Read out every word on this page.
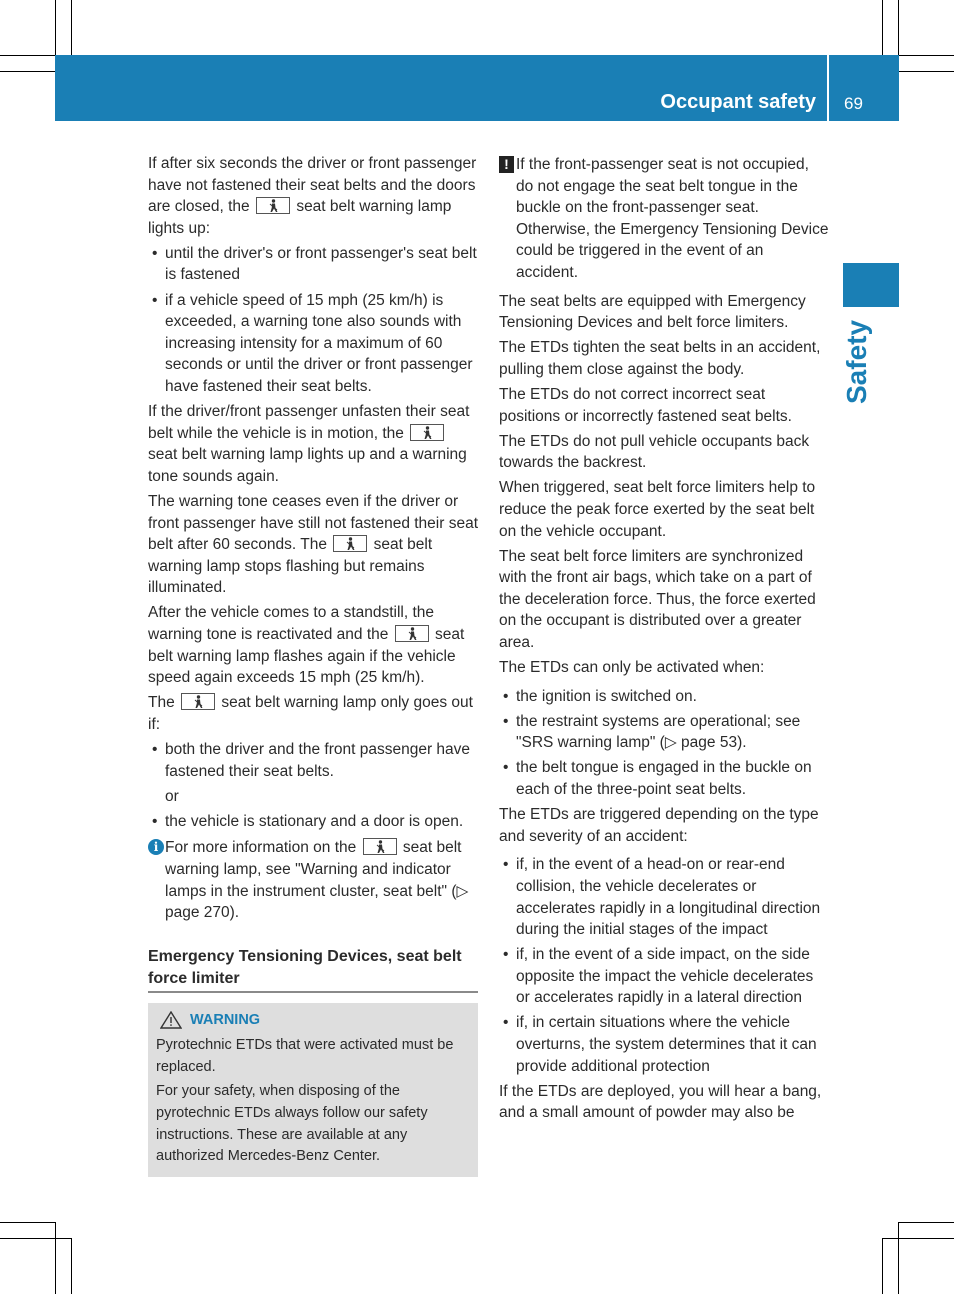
Occupant safety 69
Safety

If after six seconds the driver or front passenger have not fastened their seat belts and the doors are closed, the	seat belt warning lamp lights up:

• until the driver's or front passenger's seat belt is fastened
• if a vehicle speed of 15 mph (25 km/h) is exceeded, a warning tone also sounds with increasing intensity for a maximum of 60 seconds or until the driver or front passenger have fastened their seat belts.

If the driver/front passenger unfasten their seat belt while the vehicle is in motion, the
seat belt warning lamp lights up and a warning tone sounds again.

The warning tone ceases even if the driver or front passenger have still not fastened their seat belt after 60 seconds. The	seat belt warning lamp stops flashing but remains illuminated.

After the vehicle comes to a standstill, the warning tone is reactivated and the	seat belt warning lamp flashes again if the vehicle speed again exceeds 15 mph (25 km/h).

The	seat belt warning lamp only goes out if:

• both the driver and the front passenger have fastened their seat belts.
or
• the vehicle is stationary and a door is open.
i For more information on the	seat belt warning lamp, see "Warning and indicator lamps in the instrument cluster, seat belt" (▷ page 270).
Emergency Tensioning Devices, seat belt force limiter
WARNING

Pyrotechnic ETDs that were activated must be replaced.

For your safety, when disposing of the pyrotechnic ETDs always follow our safety instructions. These are available at any authorized Mercedes-Benz Center.

! If the front-passenger seat is not occupied, do not engage the seat belt tongue in the buckle on the front-passenger seat. Otherwise, the Emergency Tensioning Device could be triggered in the event of an accident.

The seat belts are equipped with Emergency Tensioning Devices and belt force limiters.

The ETDs tighten the seat belts in an accident, pulling them close against the body.

The ETDs do not correct incorrect seat positions or incorrectly fastened seat belts.

The ETDs do not pull vehicle occupants back towards the backrest.

When triggered, seat belt force limiters help to reduce the peak force exerted by the seat belt on the vehicle occupant.

The seat belt force limiters are synchronized with the front air bags, which take on a part of the deceleration force. Thus, the force exerted on the occupant is distributed over a greater area.

The ETDs can only be activated when:

• the ignition is switched on.
• the restraint systems are operational; see "SRS warning lamp" (▷ page 53).
• the belt tongue is engaged in the buckle on each of the three-point seat belts.

The ETDs are triggered depending on the type and severity of an accident:

• if, in the event of a head-on or rear-end collision, the vehicle decelerates or accelerates rapidly in a longitudinal direction during the initial stages of the impact
• if, in the event of a side impact, on the side opposite the impact the vehicle decelerates or accelerates rapidly in a lateral direction
• if, in certain situations where the vehicle overturns, the system determines that it can provide additional protection

If the ETDs are deployed, you will hear a bang, and a small amount of powder may also be
